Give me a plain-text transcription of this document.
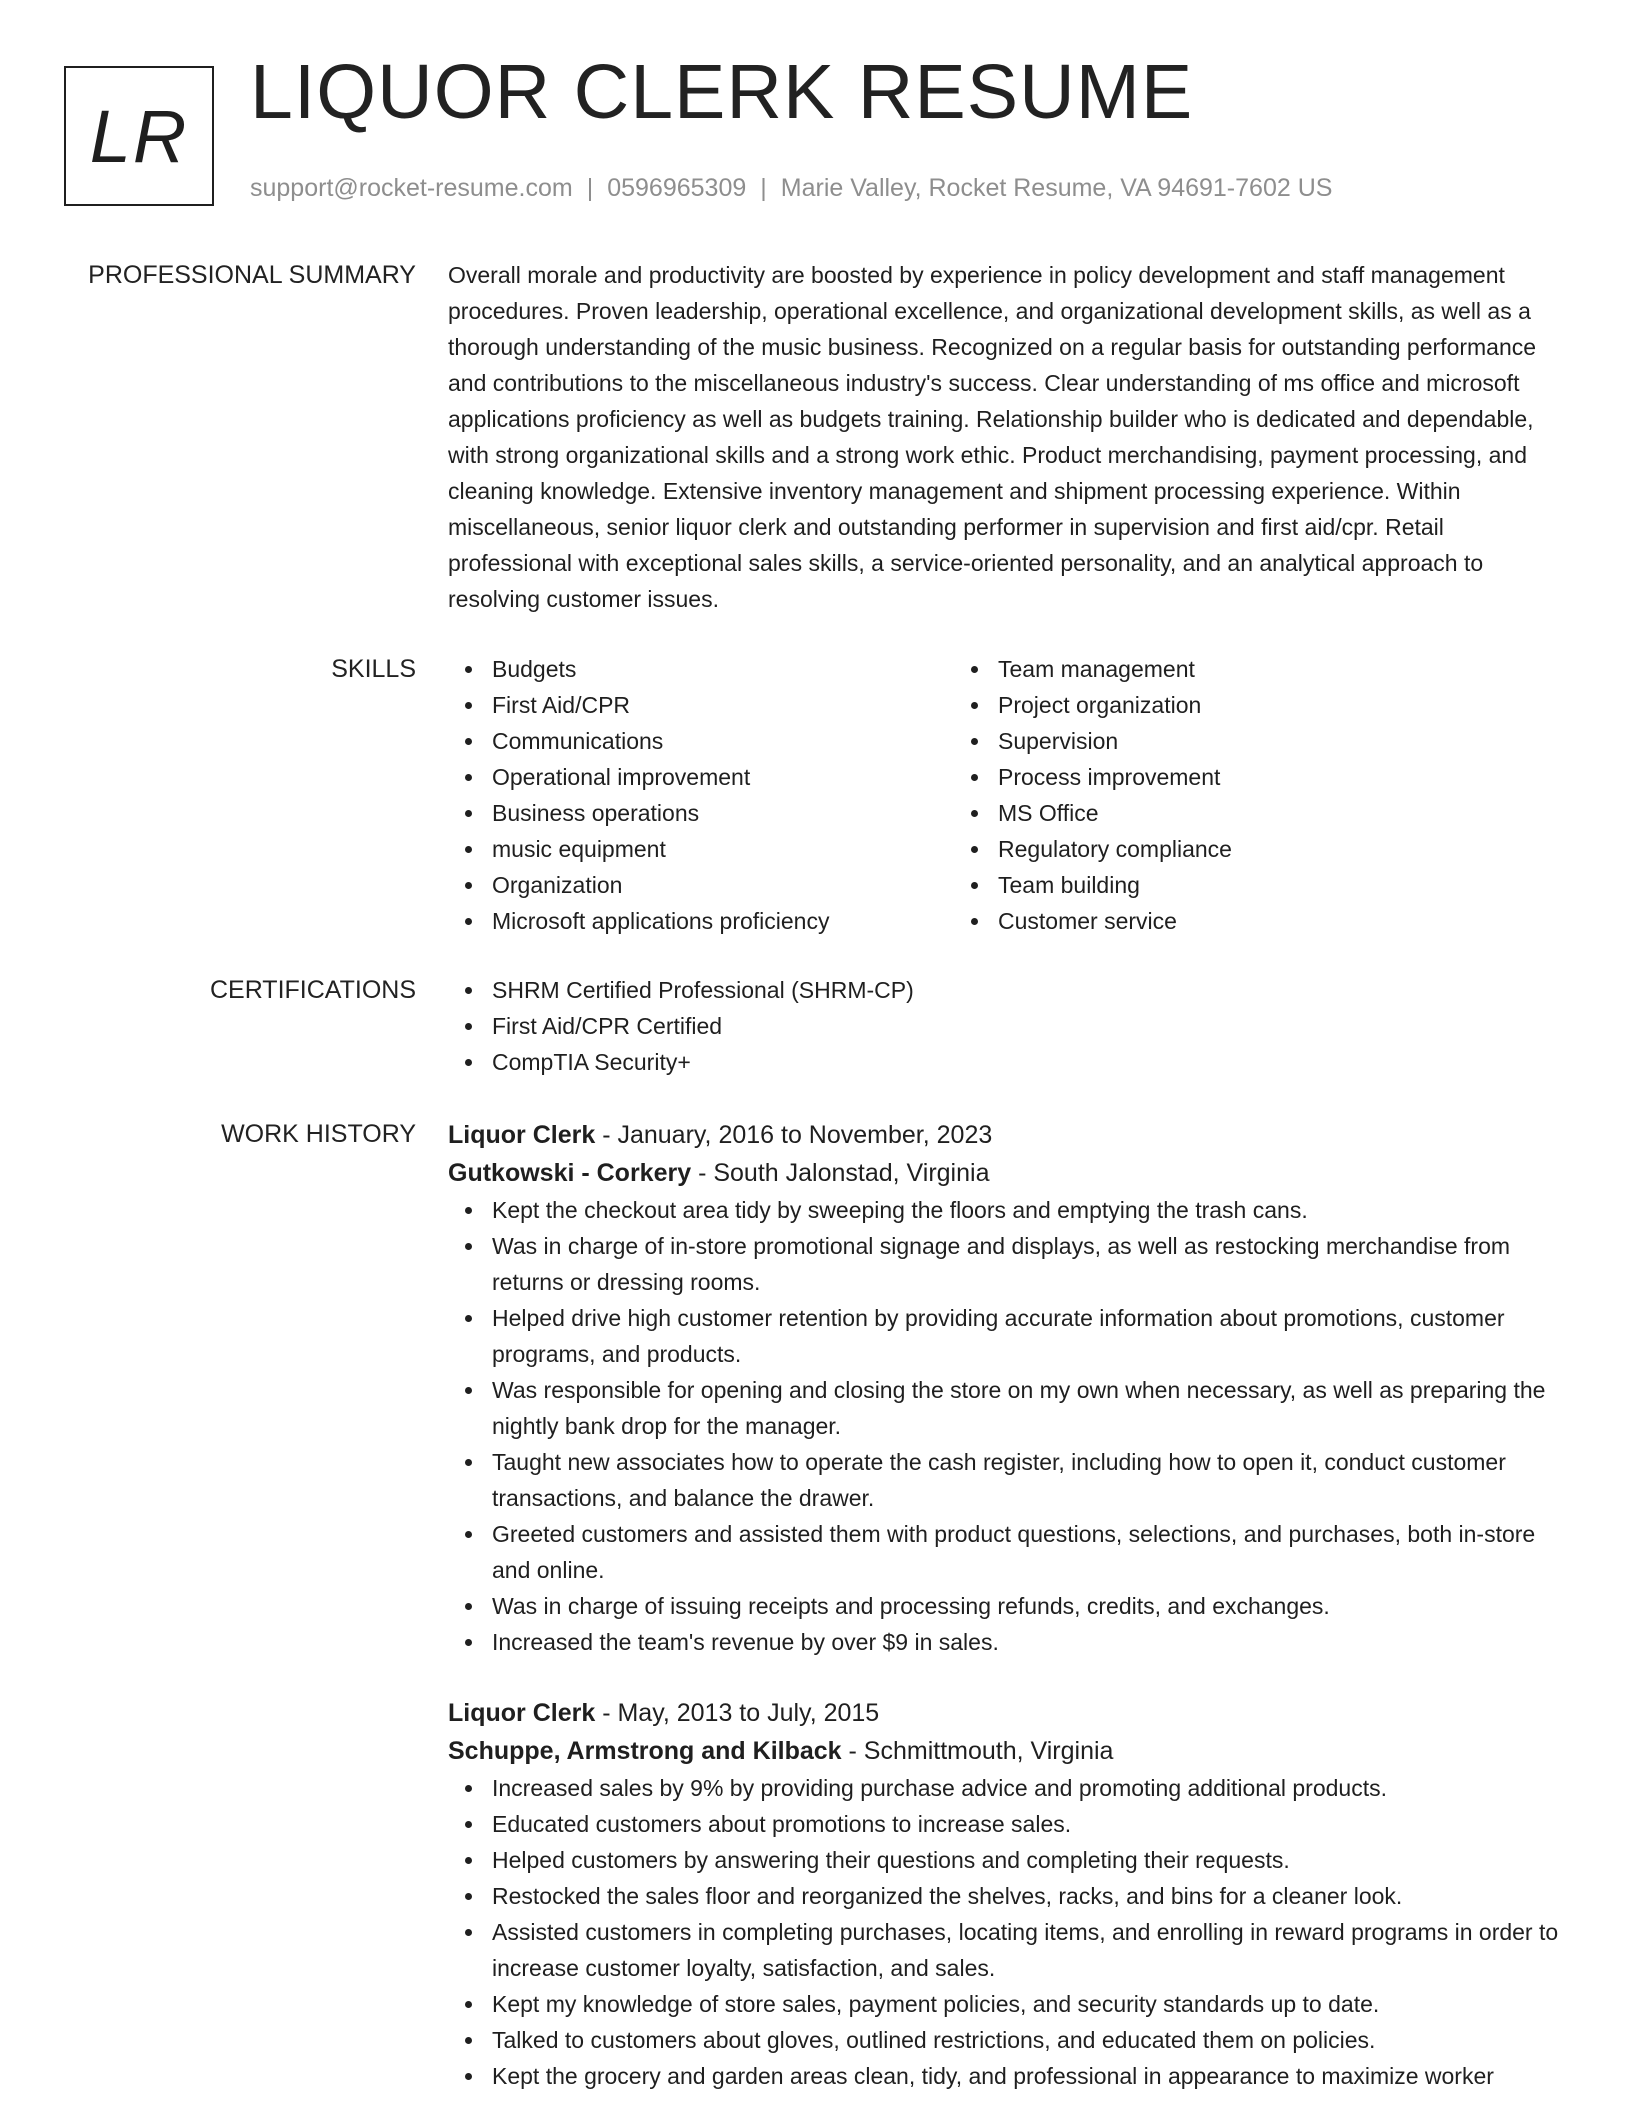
LR
LIQUOR CLERK RESUME
support@rocket-resume.com | 0596965309 | Marie Valley, Rocket Resume, VA 94691-7602 US
PROFESSIONAL SUMMARY Overall morale and productivity are boosted by experience in policy development and staff management procedures. Proven leadership, operational excellence, and organizational development skills, as well as a thorough understanding of the music business. Recognized on a regular basis for outstanding performance and contributions to the miscellaneous industry's success. Clear understanding of ms office and microsoft applications proficiency as well as budgets training. Relationship builder who is dedicated and dependable, with strong organizational skills and a strong work ethic. Product merchandising, payment processing, and cleaning knowledge. Extensive inventory management and shipment processing experience. Within miscellaneous, senior liquor clerk and outstanding performer in supervision and first aid/cpr. Retail professional with exceptional sales skills, a service-oriented personality, and an analytical approach to resolving customer issues.

SKILLS	Budgets
First Aid/CPR
Communications
Operational improvement
Business operations
music equipment
Organization
Microsoft applications proficiency
Team management
Project organization
Supervision
Process improvement
MS Office
Regulatory compliance
Team building
Customer service
CERTIFICATIONS	SHRM Certified Professional (SHRM-CP)
First Aid/CPR Certified
CompTIA Security+
WORK HISTORY Liquor Clerk - January, 2016 to November, 2023
Gutkowski - Corkery - South Jalonstad, Virginia
Kept the checkout area tidy by sweeping the floors and emptying the trash cans.
Was in charge of in-store promotional signage and displays, as well as restocking merchandise from returns or dressing rooms.
Helped drive high customer retention by providing accurate information about promotions, customer programs, and products.
Was responsible for opening and closing the store on my own when necessary, as well as preparing the nightly bank drop for the manager.
Taught new associates how to operate the cash register, including how to open it, conduct customer transactions, and balance the drawer.
Greeted customers and assisted them with product questions, selections, and purchases, both in-store and online.
Was in charge of issuing receipts and processing refunds, credits, and exchanges.
Increased the team's revenue by over $9 in sales.
Liquor Clerk - May, 2013 to July, 2015
Schuppe, Armstrong and Kilback - Schmittmouth, Virginia
Increased sales by 9% by providing purchase advice and promoting additional products.
Educated customers about promotions to increase sales.
Helped customers by answering their questions and completing their requests.
Restocked the sales floor and reorganized the shelves, racks, and bins for a cleaner look.
Assisted customers in completing purchases, locating items, and enrolling in reward programs in order to increase customer loyalty, satisfaction, and sales.
Kept my knowledge of store sales, payment policies, and security standards up to date.
Talked to customers about gloves, outlined restrictions, and educated them on policies.
Kept the grocery and garden areas clean, tidy, and professional in appearance to maximize worker
